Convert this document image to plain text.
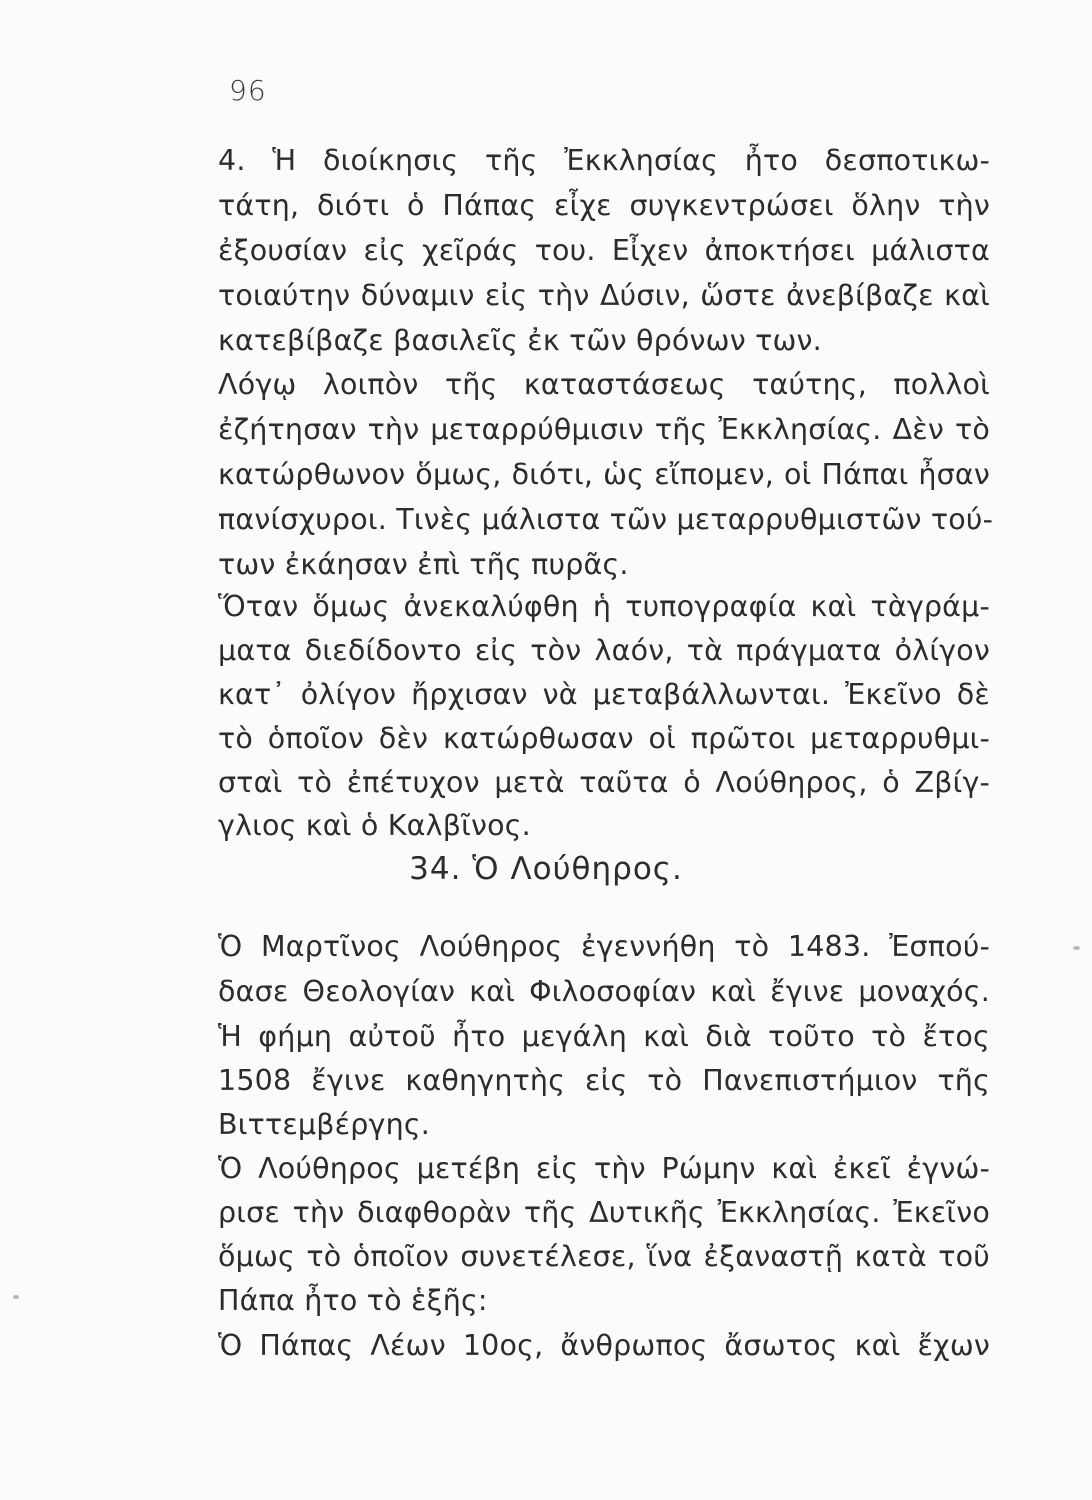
96
4. Ἡ διοίκησις τῆς Ἐκκλησίας ἦτο δεσποτικω-
τάτη, διότι ὁ Πάπας εἶχε συγκεντρώσει ὅλην τὴν
ἐξουσίαν εἰς χεῖράς του. Εἶχεν ἀποκτήσει μάλιστα
τοιαύτην δύναμιν εἰς τὴν Δύσιν, ὥστε ἀνεβίβαζε καὶ
κατεβίβαζε βασιλεῖς ἐκ τῶν θρόνων των.
Λόγῳ λοιπὸν τῆς καταστάσεως ταύτης, πολλοὶ
ἐζήτησαν τὴν μεταρρύθμισιν τῆς Ἐκκλησίας. Δὲν τὸ
κατώρθωνον ὅμως, διότι, ὡς εἴπομεν, οἱ Πάπαι ἦσαν
πανίσχυροι. Τινὲς μάλιστα τῶν μεταρρυθμιστῶν τού-
των ἐκάησαν ἐπὶ τῆς πυρᾶς.
Ὅταν ὅμως ἀνεκαλύφθη ἡ τυπογραφία καὶ τὰγράμ-
ματα διεδίδοντο εἰς τὸν λαόν, τὰ πράγματα ὀλίγον
κατ᾽ ὀλίγον ἤρχισαν νὰ μεταβάλλωνται. Ἐκεῖνο δὲ
τὸ ὁποῖον δὲν κατώρθωσαν οἱ πρῶτοι μεταρρυθμι-
σταὶ τὸ ἐπέτυχον μετὰ ταῦτα ὁ Λούθηρος, ὁ Ζβίγ-
γλιος καὶ ὁ Καλβῖνος.
34. Ὁ Λούθηρος.
Ὁ Μαρτῖνος Λούθηρος ἐγεννήθη τὸ 1483. Ἐσπού-
δασε Θεολογίαν καὶ Φιλοσοφίαν καὶ ἔγινε μοναχός.
Ἡ φήμη αὐτοῦ ἦτο μεγάλη καὶ διὰ τοῦτο τὸ ἔτος
1508 ἔγινε καθηγητὴς εἰς τὸ Πανεπιστήμιον τῆς
Βιττεμβέργης.
Ὁ Λούθηρος μετέβη εἰς τὴν Ρώμην καὶ ἐκεῖ ἐγνώ-
ρισε τὴν διαφθορὰν τῆς Δυτικῆς Ἐκκλησίας. Ἐκεῖνο
ὅμως τὸ ὁποῖον συνετέλεσε, ἵνα ἐξαναστῇ κατὰ τοῦ
Πάπα ἦτο τὸ ἑξῆς:
Ὁ Πάπας Λέων 10ος, ἄνθρωπος ἄσωτος καὶ ἔχων
